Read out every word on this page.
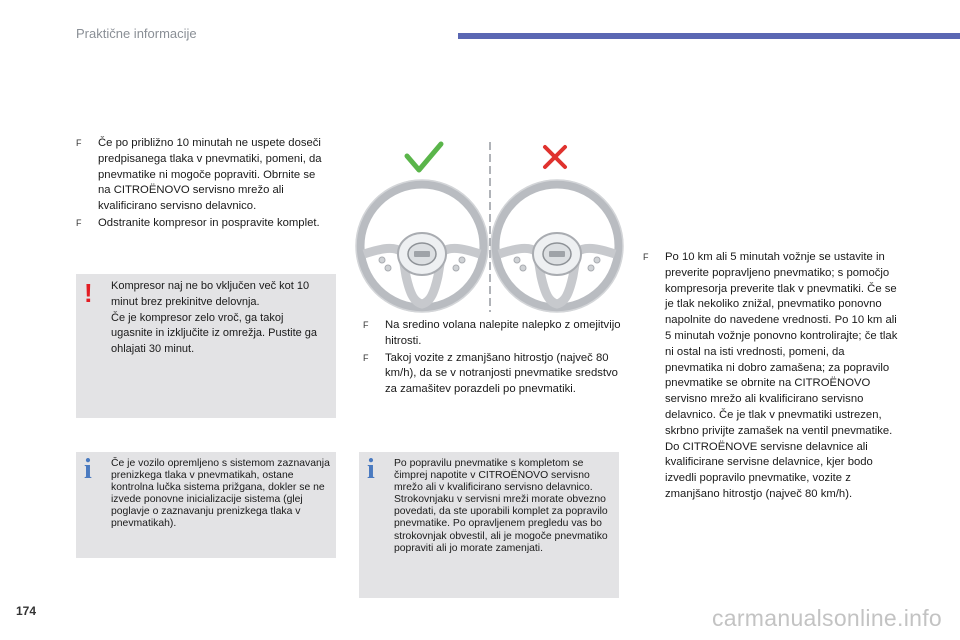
Praktične informacije
F Če po približno 10 minutah ne uspete doseči predpisanega tlaka v pnevmatiki, pomeni, da pnevmatike ni mogoče popraviti. Obrnite se na CITROËNOVO servisno mrežo ali kvalificirano servisno delavnico.
F Odstranite kompresor in pospravite komplet.
! Kompresor naj ne bo vključen več kot 10 minut brez prekinitve delovnja.
Če je kompresor zelo vroč, ga takoj ugasnite in izključite iz omrežja. Pustite ga ohlajati 30 minut.
i Če je vozilo opremljeno s sistemom zaznavanja prenizkega tlaka v pnevmatikah, ostane kontrolna lučka sistema prižgana, dokler se ne izvede ponovne inicializacije sistema (glej poglavje o zaznavanju prenizkega tlaka v pnevmatikah).
F Na sredino volana nalepite nalepko z omejitvijo hitrosti.
F Takoj vozite z zmanjšano hitrostjo (največ 80 km/h), da se v notranjosti pnevmatike sredstvo za zamašitev porazdeli po pnevmatiki.
i Po popravilu pnevmatike s kompletom se čimprej napotite v CITROËNOVO servisno mrežo ali v kvalificirano servisno delavnico. Strokovnjaku v servisni mreži morate obvezno povedati, da ste uporabili komplet za popravilo pnevmatike. Po opravljenem pregledu vas bo strokovnjak obvestil, ali je mogoče pnevmatiko popraviti ali jo morate zamenjati.
F Po 10 km ali 5 minutah vožnje se ustavite in preverite popravljeno pnevmatiko; s pomočjo kompresorja preverite tlak v pnevmatiki. Če se je tlak nekoliko znižal, pnevmatiko ponovno napolnite do navedene vrednosti. Po 10 km ali 5 minutah vožnje ponovno kontrolirajte; če tlak ni ostal na isti vrednosti, pomeni, da pnevmatika ni dobro zamašena; za popravilo pnevmatike se obrnite na CITROËNOVO servisno mrežo ali kvalificirano servisno delavnico. Če je tlak v pnevmatiki ustrezen, skrbno privijte zamašek na ventil pnevmatike. Do CITROËNOVE servisne delavnice ali kvalificirane servisne delavnice, kjer bodo izvedli popravilo pnevmatike, vozite z zmanjšano hitrostjo (največ 80 km/h).
174	carmanualsonline.info
